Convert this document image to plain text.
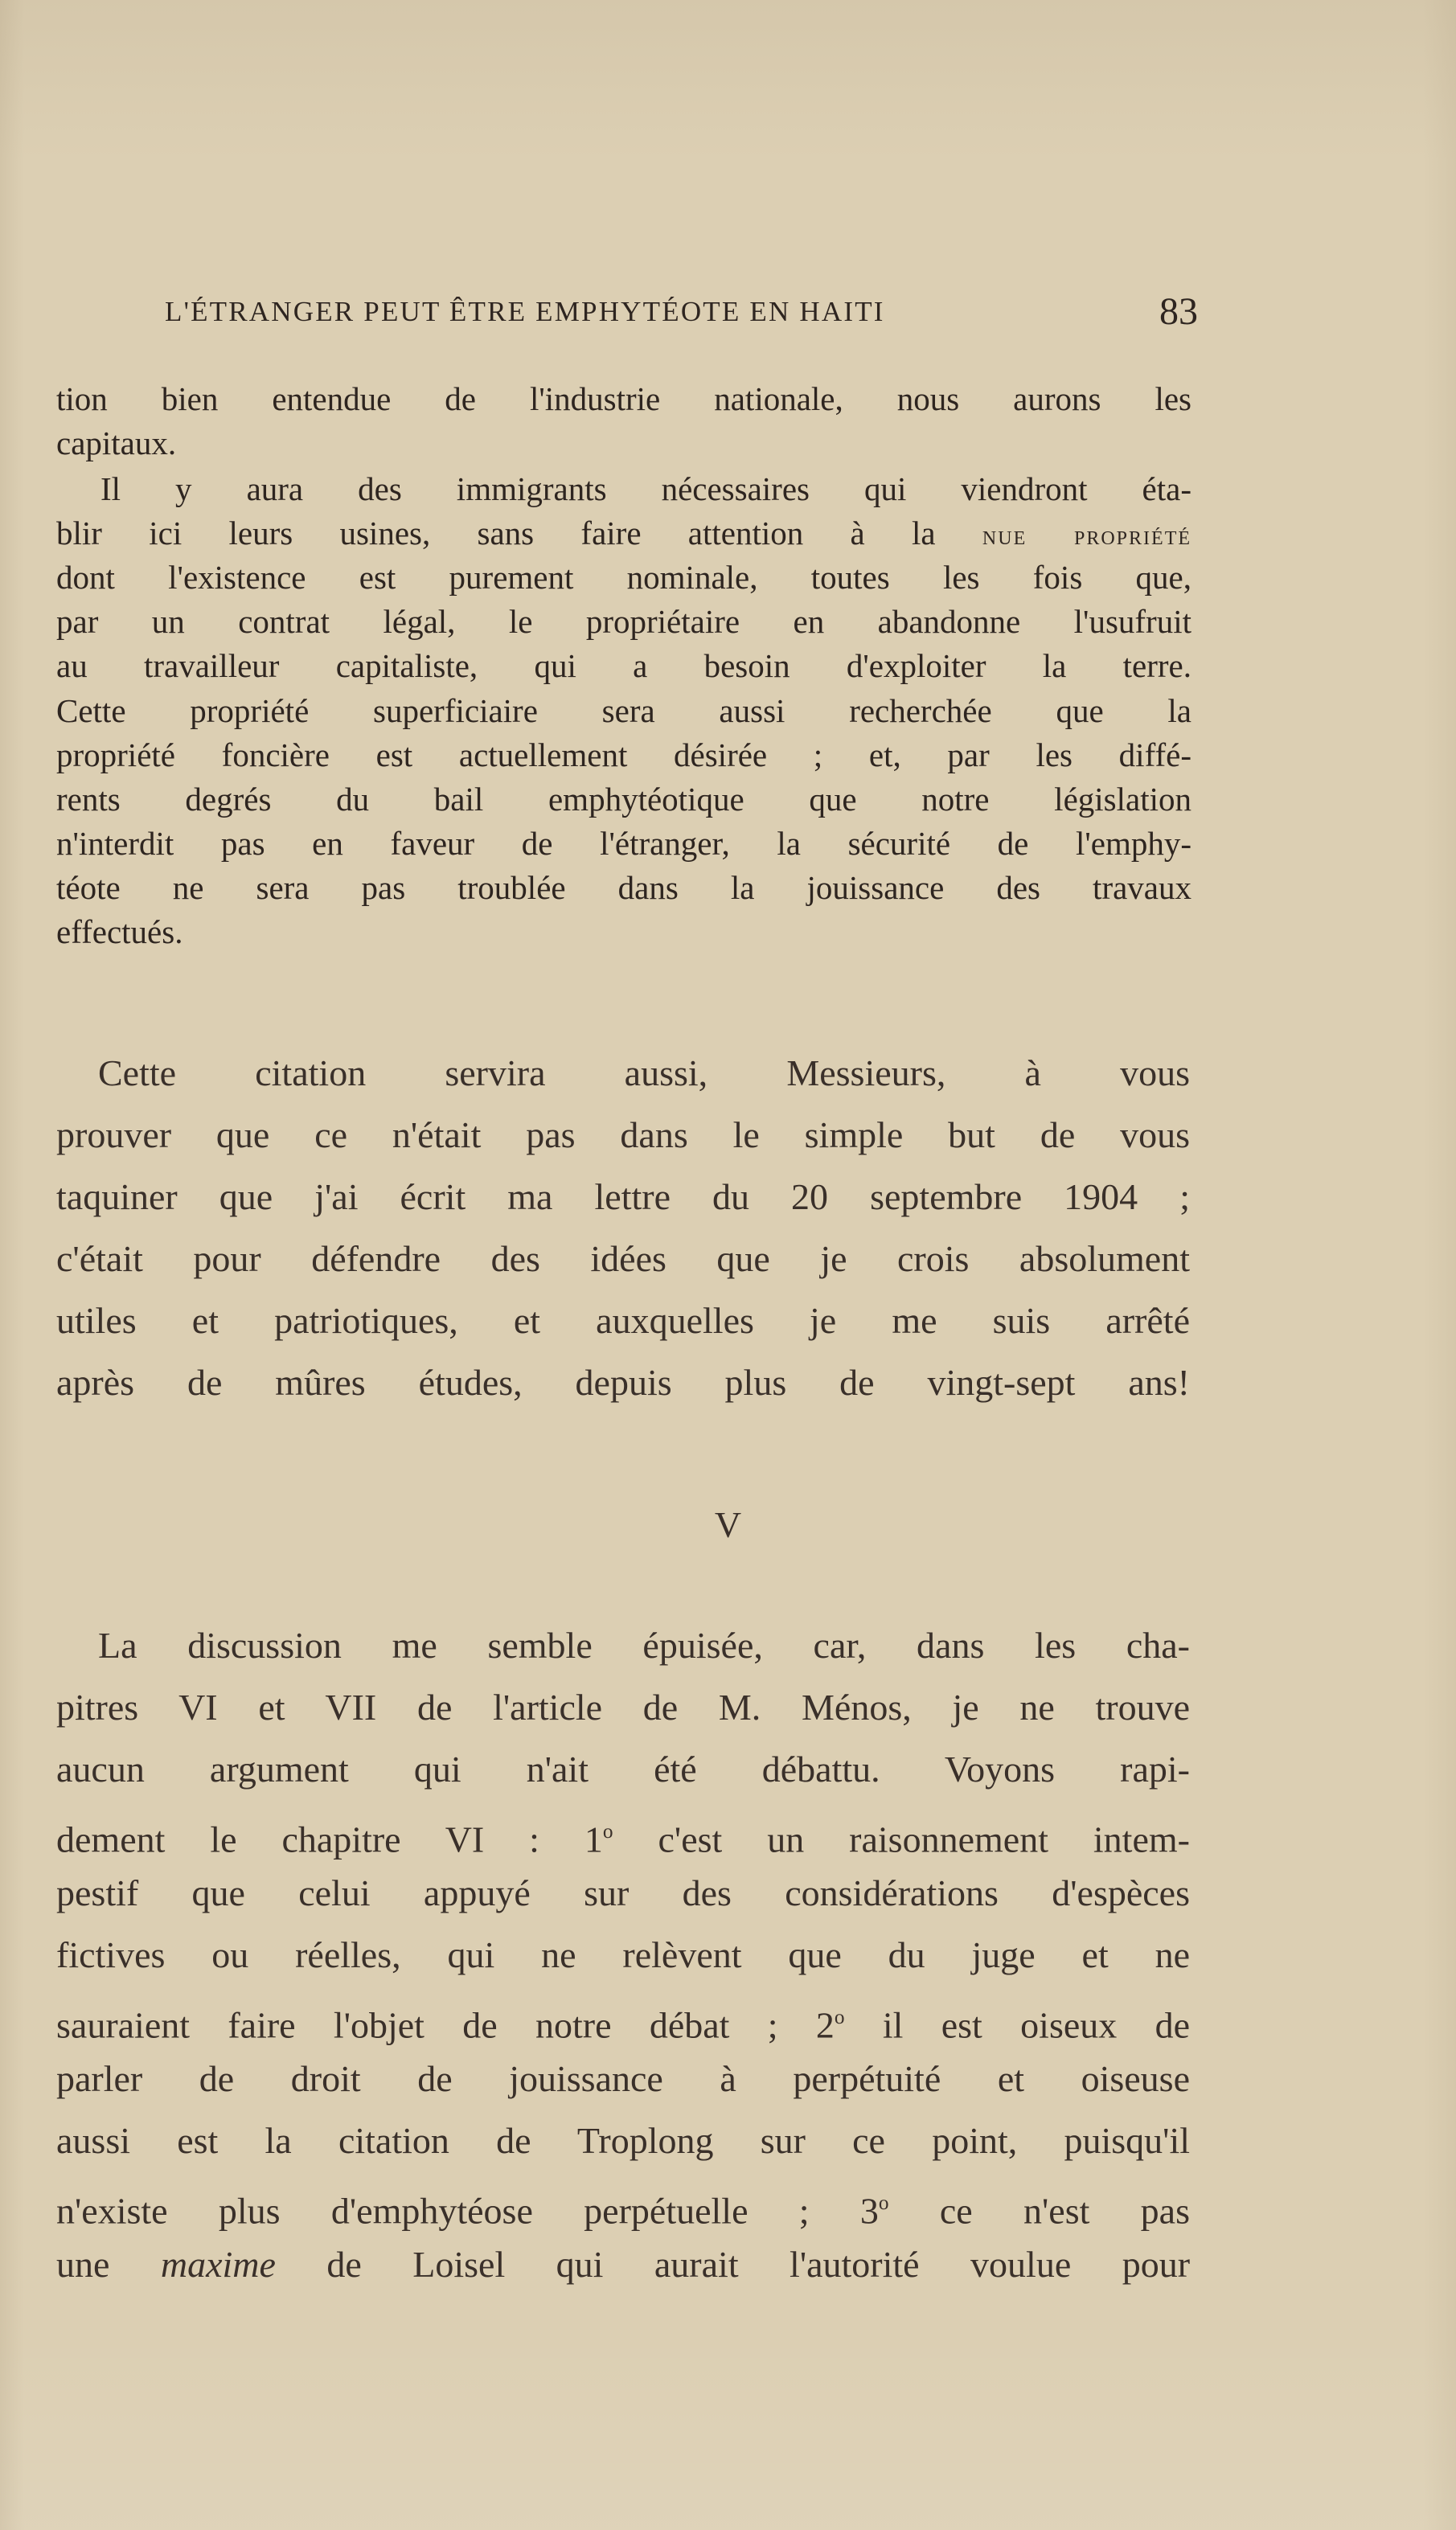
L'ÉTRANGER PEUT ÊTRE EMPHYTÉOTE EN HAITI	83
tion bien entendue de l'industrie nationale, nous aurons les
capitaux.
Il y aura des immigrants nécessaires qui viendront éta-
blir ici leurs usines, sans faire attention à la nue propriété
dont l'existence est purement nominale, toutes les fois que,
par un contrat légal, le propriétaire en abandonne l'usufruit
au travailleur capitaliste, qui a besoin d'exploiter la terre.
Cette propriété superficiaire sera aussi recherchée que la
propriété foncière est actuellement désirée ; et, par les diffé-
rents degrés du bail emphytéotique que notre législation
n'interdit pas en faveur de l'étranger, la sécurité de l'emphy-
téote ne sera pas troublée dans la jouissance des travaux
effectués.
Cette citation servira aussi, Messieurs, à vous
prouver que ce n'était pas dans le simple but de vous
taquiner que j'ai écrit ma lettre du 20 septembre 1904 ;
c'était pour défendre des idées que je crois absolument
utiles et patriotiques, et auxquelles je me suis arrêté
après de mûres études, depuis plus de vingt-sept ans!
V
La discussion me semble épuisée, car, dans les cha-
pitres VI et VII de l'article de M. Ménos, je ne trouve
aucun argument qui n'ait été débattu. Voyons rapi-
dement le chapitre VI : 1$^o$ c'est un raisonnement intem-
pestif que celui appuyé sur des considérations d'espèces
fictives ou réelles, qui ne relèvent que du juge et ne
sauraient faire l'objet de notre débat ; 2$^o$ il est oiseux de
parler de droit de jouissance à perpétuité et oiseuse
aussi est la citation de Troplong sur ce point, puisqu'il
n'existe plus d'emphytéose perpétuelle ; 3$^o$ ce n'est pas
une maxime de Loisel qui aurait l'autorité voulue pour
